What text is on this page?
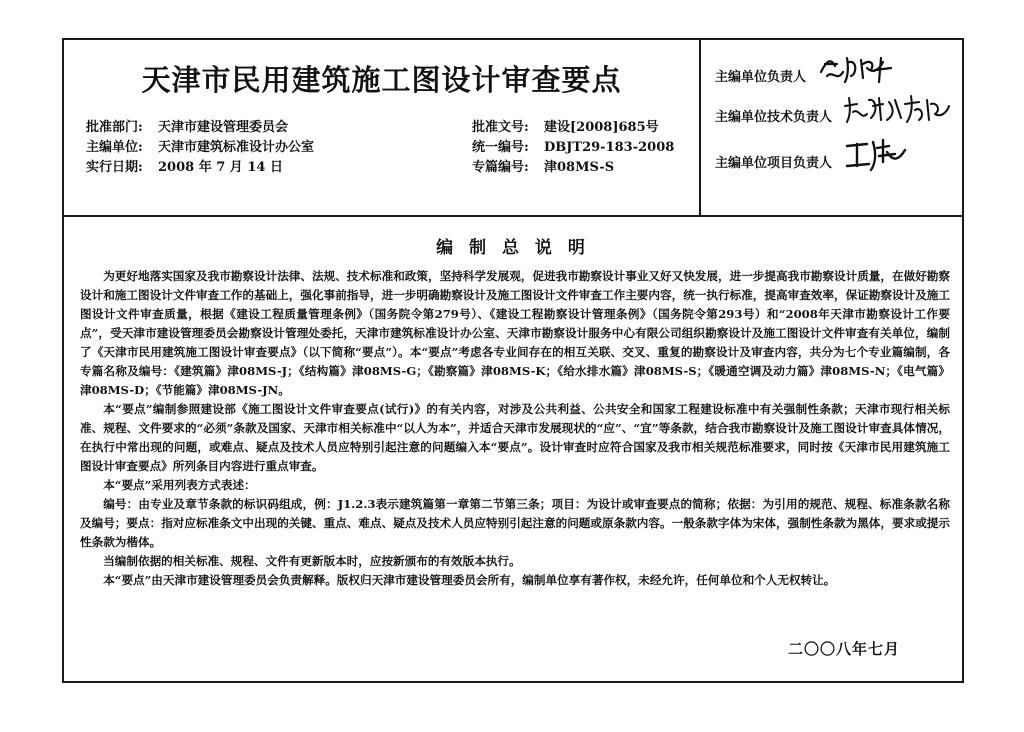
天津市民用建筑施工图设计审查要点
批准部门: 天津市建设管理委员会
主编单位: 天津市建筑标准设计办公室
实行日期: 2008 年 7 月 14 日
批准文号: 建设[2008]685号
统一编号: DBJT29-183-2008
专篇编号: 津08MS-S
主编单位负责人
主编单位技术负责人
主编单位项目负责人
编 制 总 说 明

为更好地落实国家及我市勘察设计法律、法规、技术标准和政策，坚持科学发展观，促进我市勘察设计事业又好又快发展，进一步提高我市勘察设计质量，在做好勘察设计和施工图设计文件审查工作的基础上，强化事前指导，进一步明确勘察设计及施工图设计文件审查工作主要内容，统一执行标准，提高审查效率，保证勘察设计及施工图设计文件审查质量，根据《建设工程质量管理条例》（国务院令第279号）、《建设工程勘察设计管理条例》（国务院令第293号）和“2008年天津市勘察设计工作要点”，受天津市建设管理委员会勘察设计管理处委托，天津市建筑标准设计办公室、天津市勘察设计服务中心有限公司组织勘察设计及施工图设计文件审查有关单位，编制了《天津市民用建筑施工图设计审查要点》（以下简称“要点”）。本“要点”考虑各专业间存在的相互关联、交叉、重复的勘察设计及审查内容，共分为七个专业篇编制，各专篇名称及编号：《建筑篇》津08MS-J；《结构篇》津08MS-G；《勘察篇》津08MS-K；《给水排水篇》津08MS-S；《暖通空调及动力篇》津08MS-N；《电气篇》津08MS-D；《节能篇》津08MS-JN。

本“要点”编制参照建设部《施工图设计文件审查要点(试行)》的有关内容，对涉及公共利益、公共安全和国家工程建设标准中有关强制性条款；天津市现行相关标准、规程、文件要求的“必须”条款及国家、天津市相关标准中“以人为本”，并适合天津市发展现状的“应”、“宜”等条款，结合我市勘察设计及施工图设计审查具体情况，在执行中常出现的问题，或难点、疑点及技术人员应特别引起注意的问题编入本“要点”。设计审查时应符合国家及我市相关规范标准要求，同时按《天津市民用建筑施工图设计审查要点》所列条目内容进行重点审查。

本“要点”采用列表方式表述：

编号：由专业及章节条款的标识码组成，例：J1.2.3表示建筑篇第一章第二节第三条；项目：为设计或审查要点的简称；依据：为引用的规范、规程、标准条款名称及编号；要点：指对应标准条文中出现的关键、重点、难点、疑点及技术人员应特别引起注意的问题或原条款内容。一般条款字体为宋体，强制性条款为黑体，要求或提示性条款为楷体。

当编制依据的相关标准、规程、文件有更新版本时，应按新颁布的有效版本执行。

本“要点”由天津市建设管理委员会负责解释。版权归天津市建设管理委员会所有，编制单位享有著作权，未经允许，任何单位和个人无权转让。

二〇〇八年七月
